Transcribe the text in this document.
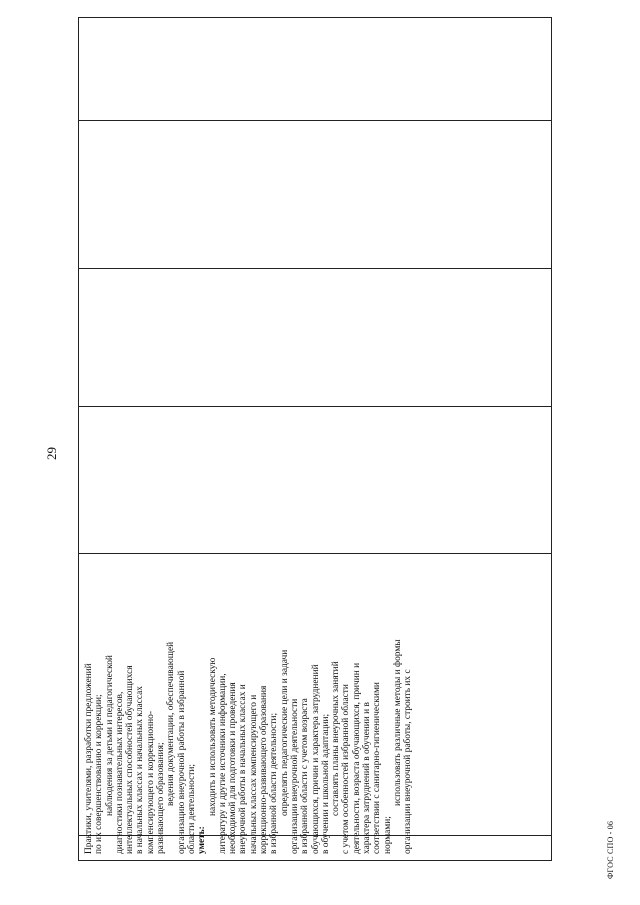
ФГОС СПО - 06
29

Практики, учителями, разработки предложений по их совершенствованию и коррекции; наблюдения за детьми и педагогической диагностики познавательных интересов, интеллектуальных способностей обучающихся в начальных классах и начальных классах компенсирующего и коррекционно- развивающего образования; ведения документации, обеспечивающей организацию внеурочной работы в избранной области деятельности; уметь:

находить и использовать методическую литературу и другие источники информации, необходимой для подготовки и проведения внеурочной работы в начальных классах и начальных классах компенсирующего и коррекционно-развивающего образования в избранной области деятельности; определять педагогические цели и задачи организации внеурочной деятельности в избранной области с учетом возраста обучающихся, причин и характера затруднений в обучении и школьной адаптации; составлять планы внеурочных занятий с учетом особенностей избранной области деятельности, возраста обучающихся, причин и характера затруднений в обучении и в соответствии с санитарно-гигиеническими нормами;

использовать различные методы и формы организации внеурочной работы, строить их с
